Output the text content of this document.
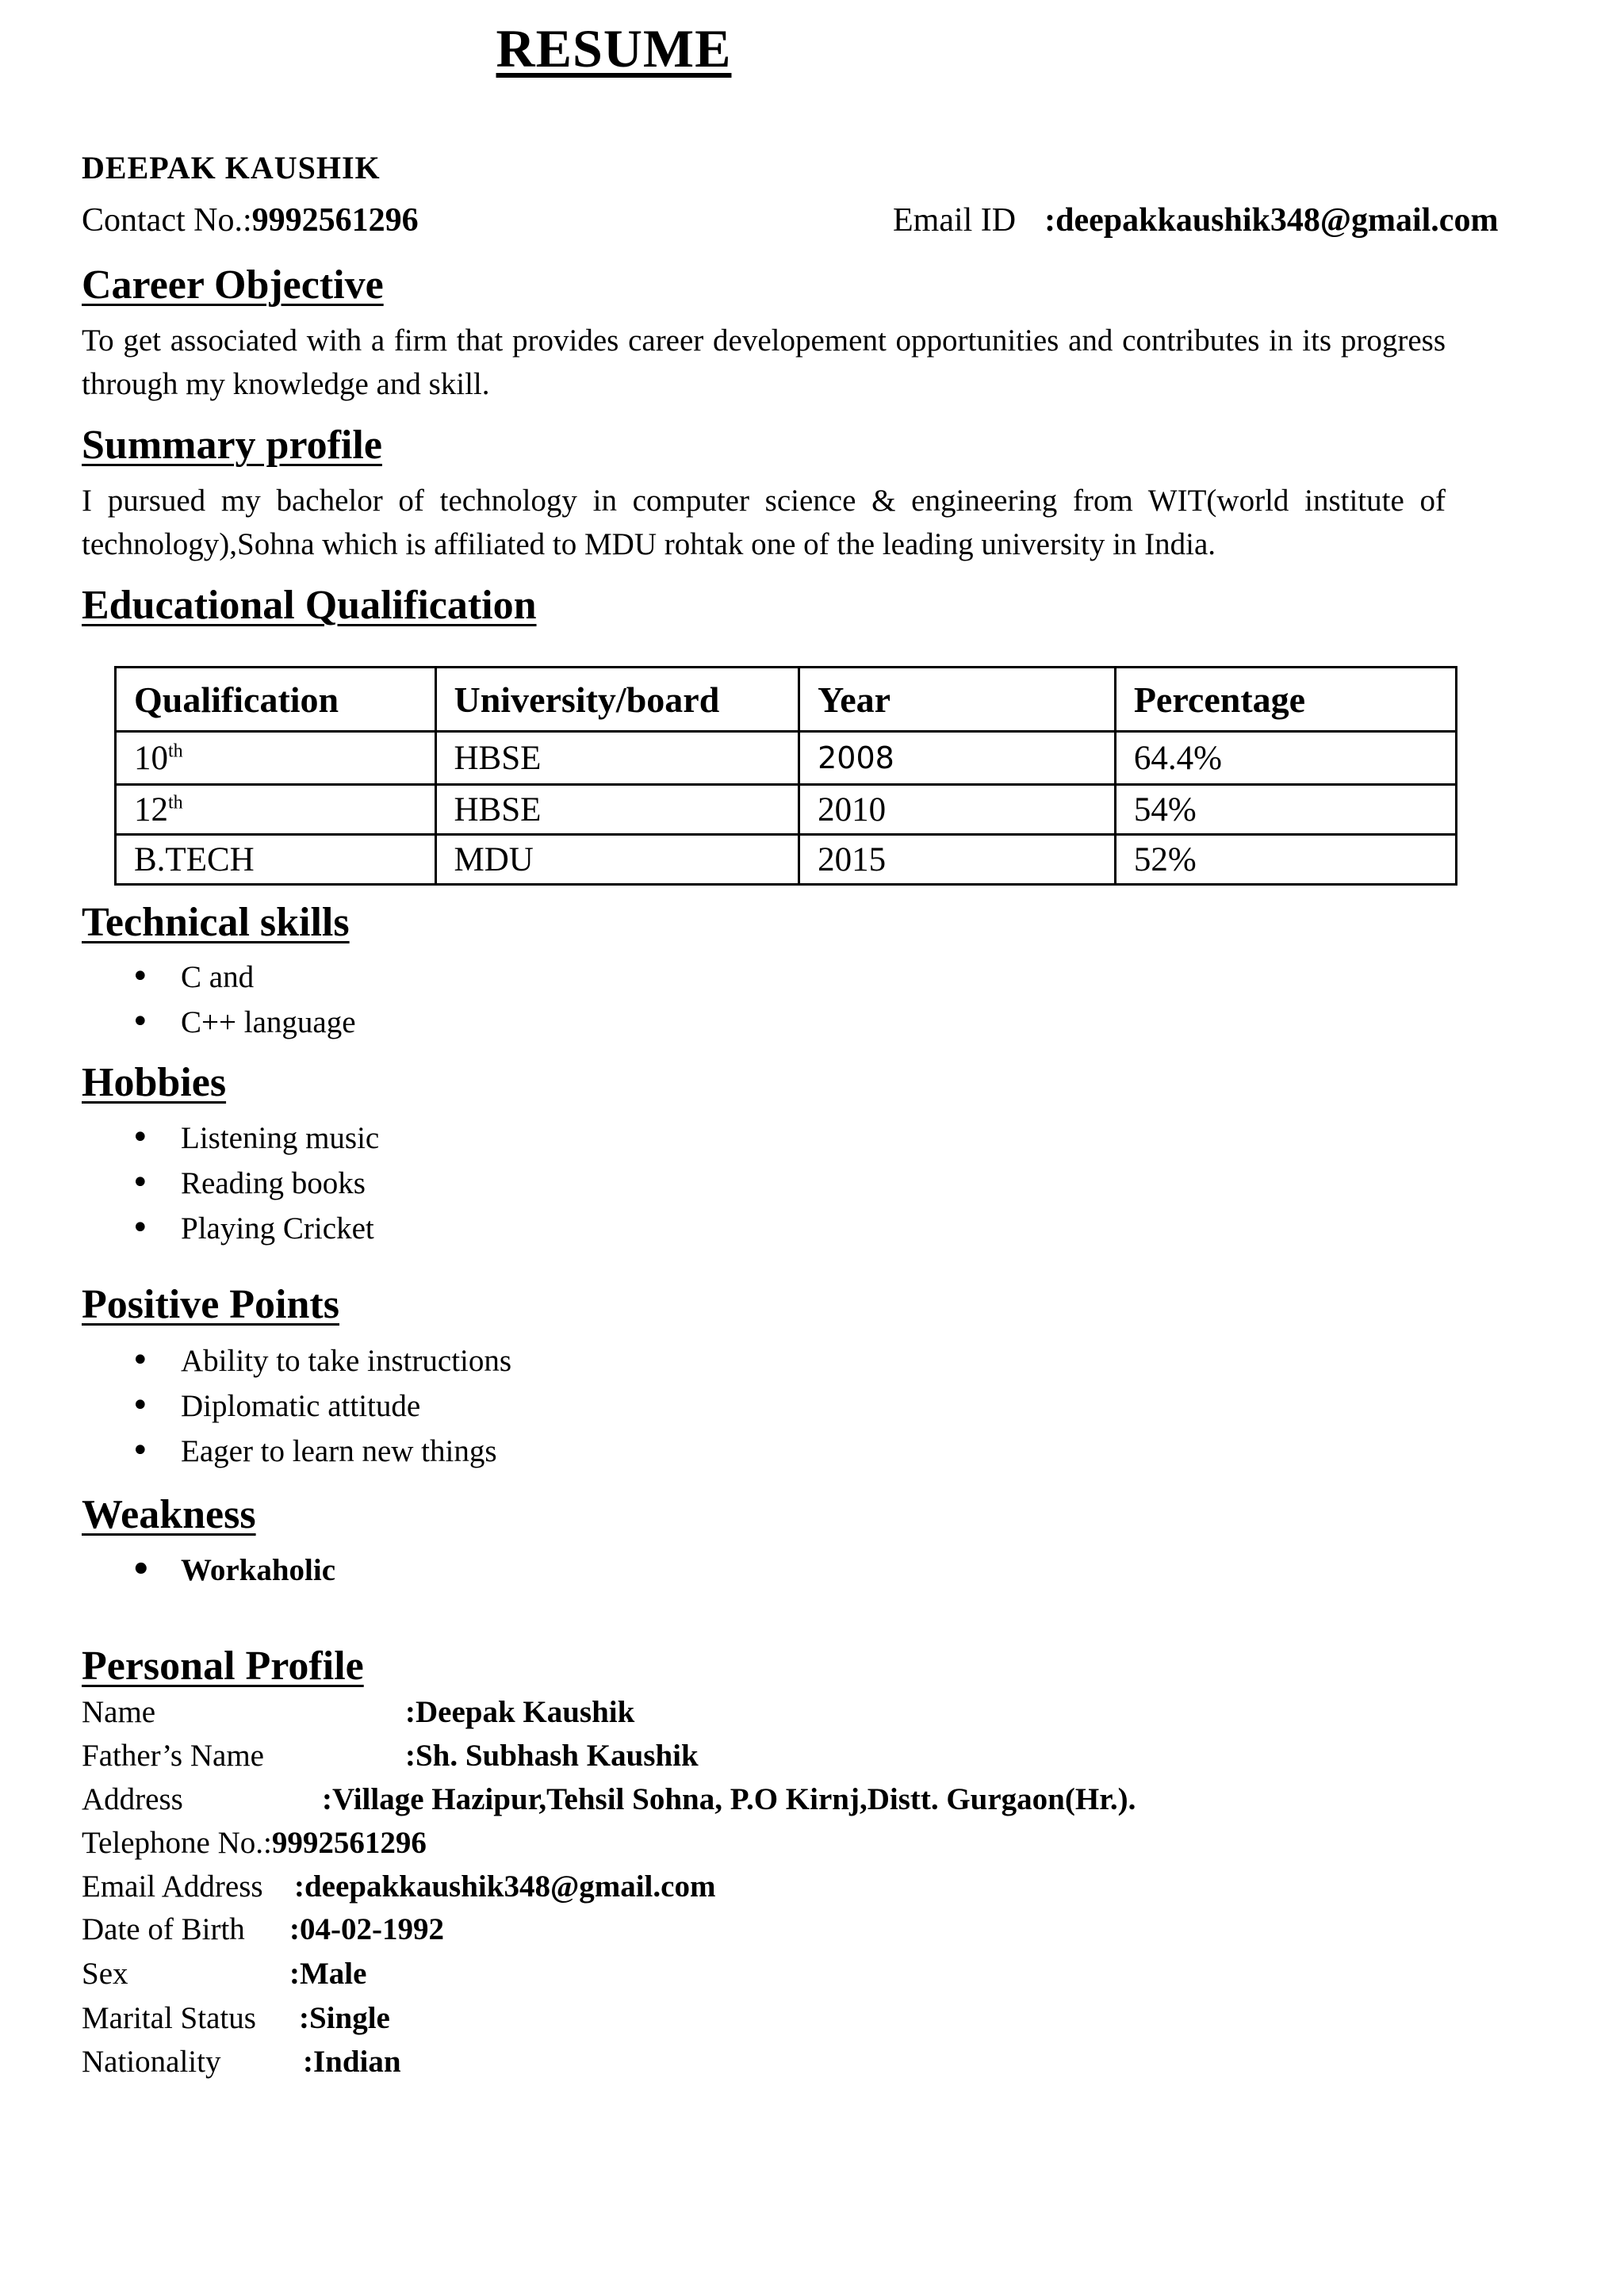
RESUME
DEEPAK KAUSHIK
Contact No.:9992561296	Email ID :deepakkaushik348@gmail.com
Career Objective
To get associated with a firm that provides career developement opportunities and contributes in its progress through my knowledge and skill.
Summary profile
I pursued my bachelor of technology in computer science & engineering from WIT(world institute of technology),Sohna which is affiliated to MDU rohtak one of the leading university in India.
Educational Qualification
Qualification	University/board	Year	Percentage
10th	HBSE	2008	64.4%
12th	HBSE	2010	54%
B.TECH	MDU	2015	52%
Technical skills
• C and
• C++ language
Hobbies
• Listening music
• Reading books
• Playing Cricket
Positive Points
• Ability to take instructions
• Diplomatic attitude
• Eager to learn new things
Weakness
• Workaholic
Personal Profile
Name	:Deepak Kaushik
Father’s Name	:Sh. Subhash Kaushik
Address	:Village Hazipur,Tehsil Sohna, P.O Kirnj,Distt. Gurgaon(Hr.).
Telephone No.:9992561296
Email Address :deepakkaushik348@gmail.com
Date of Birth :04-02-1992
Sex	:Male
Marital Status :Single
Nationality	:Indian
